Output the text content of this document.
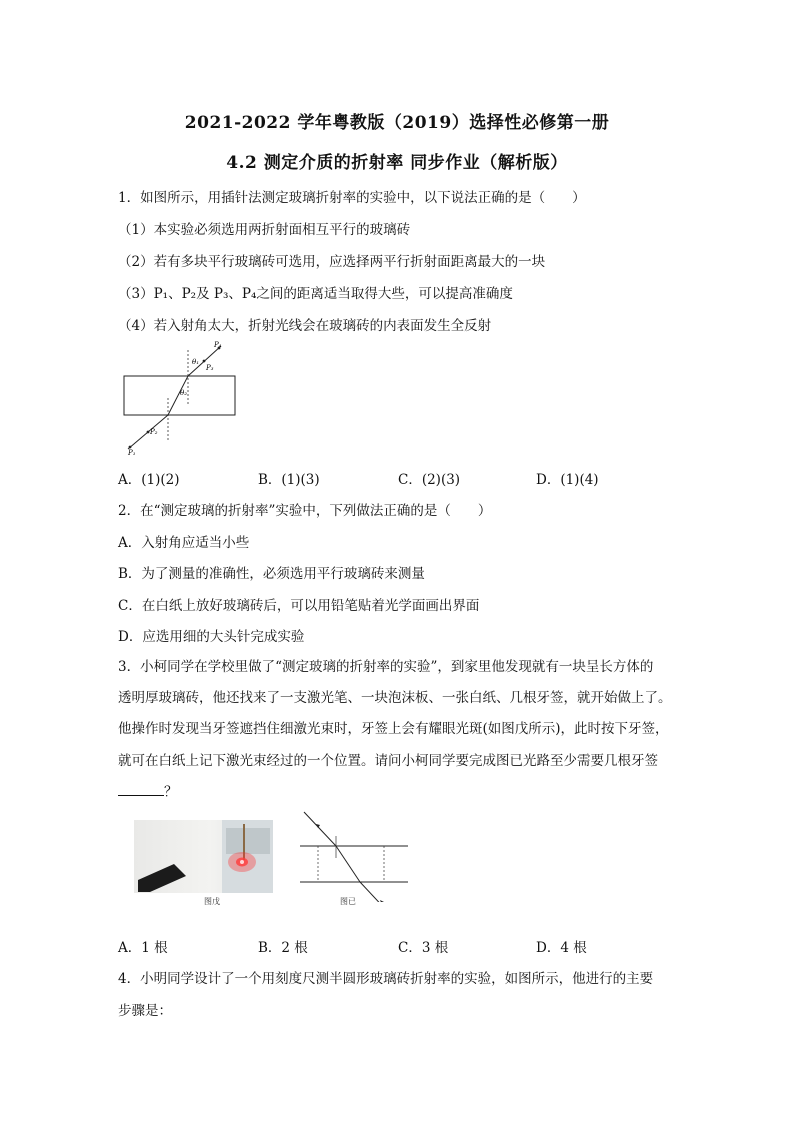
2021-2022 学年粤教版（2019）选择性必修第一册
4.2 测定介质的折射率 同步作业（解析版）
1．如图所示，用插针法测定玻璃折射率的实验中，以下说法正确的是（　　）
（1）本实验必须选用两折射面相互平行的玻璃砖
（2）若有多块平行玻璃砖可选用，应选择两平行折射面距离最大的一块
（3）P₁、P₂及 P₃、P₄之间的距离适当取得大些，可以提高准确度
（4）若入射角太大，折射光线会在玻璃砖的内表面发生全反射
P₄
P₃
P₂
P₁
θ₁
θ₂
A．(1)(2)	B．(1)(3)	C．(2)(3)	D．(1)(4)
2．在“测定玻璃的折射率”实验中，下列做法正确的是（　　）
A．入射角应适当小些
B．为了测量的准确性，必须选用平行玻璃砖来测量
C．在白纸上放好玻璃砖后，可以用铅笔贴着光学面画出界面
D．应选用细的大头针完成实验
3．小柯同学在学校里做了“测定玻璃的折射率的实验”，到家里他发现就有一块呈长方体的
透明厚玻璃砖，他还找来了一支激光笔、一块泡沫板、一张白纸、几根牙签，就开始做上了。
他操作时发现当牙签遮挡住细激光束时，牙签上会有耀眼光斑(如图戊所示)，此时按下牙签，
就可在白纸上记下激光束经过的一个位置。请问小柯同学要完成图已光路至少需要几根牙签
？
图戊	图已
A．1 根	B．2 根	C．3 根	D．4 根
4．小明同学设计了一个用刻度尺测半圆形玻璃砖折射率的实验，如图所示，他进行的主要
步骤是：
